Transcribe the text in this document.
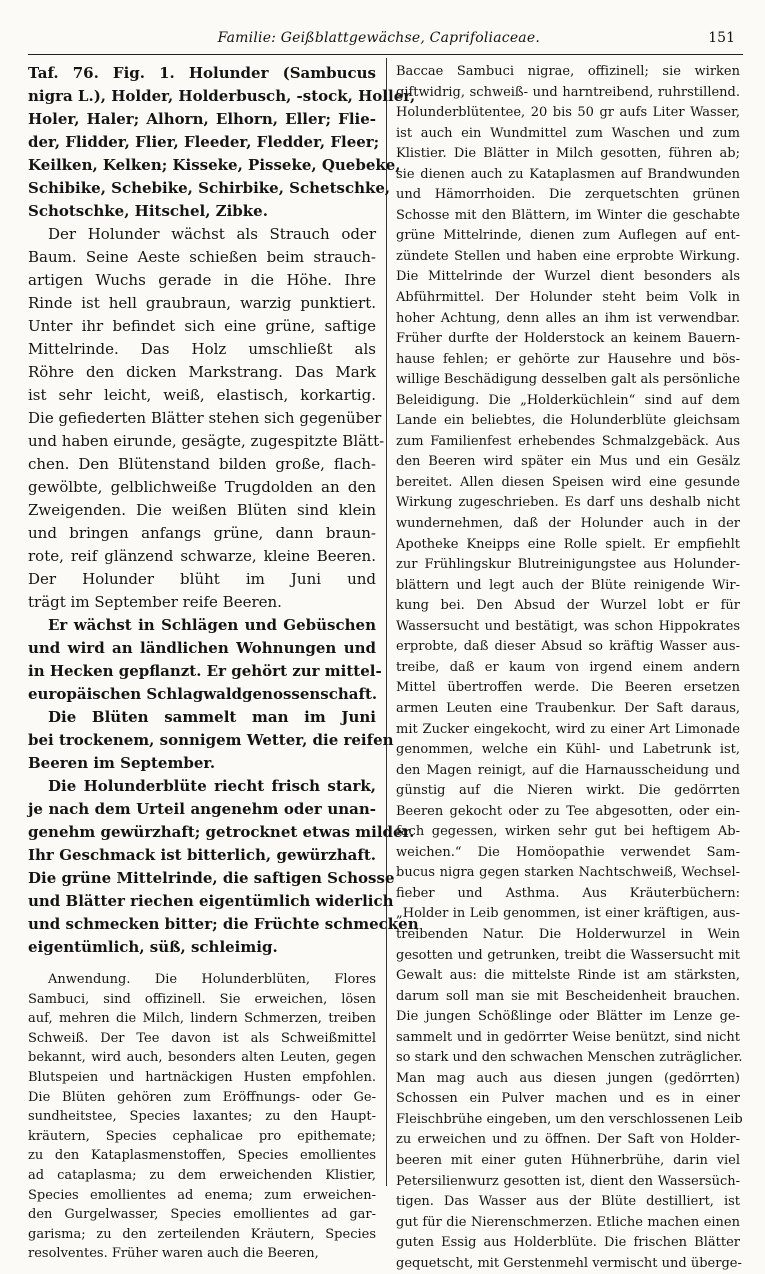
Familie: Geißblattgewächse, Caprifoliaceae.	151
Taf. 76. Fig. 1. Holunder (Sambucus
nigra L.), Holder, Holderbusch, -stock, Holler,
Holer, Haler; Alhorn, Elhorn, Eller; Flie-
der, Flidder, Flier, Fleeder, Fledder, Fleer;
Keilken, Kelken; Kisseke, Pisseke, Quebeke,
Schibike, Schebike, Schirbike, Schetschke,
Schotschke, Hitschel, Zibke.
Der Holunder wächst als Strauch oder
Baum. Seine Aeste schießen beim strauch-
artigen Wuchs gerade in die Höhe. Ihre
Rinde ist hell graubraun, warzig punktiert.
Unter ihr befindet sich eine grüne, saftige
Mittelrinde. Das Holz umschließt als
Röhre den dicken Markstrang. Das Mark
ist sehr leicht, weiß, elastisch, korkartig.
Die gefiederten Blätter stehen sich gegenüber
und haben eirunde, gesägte, zugespitzte Blätt-
chen. Den Blütenstand bilden große, flach-
gewölbte, gelblichweiße Trugdolden an den
Zweigenden. Die weißen Blüten sind klein
und bringen anfangs grüne, dann braun-
rote, reif glänzend schwarze, kleine Beeren.
Der Holunder blüht im Juni und
trägt im September reife Beeren.
Er wächst in Schlägen und Gebüschen
und wird an ländlichen Wohnungen und
in Hecken gepflanzt. Er gehört zur mittel-
europäischen Schlagwaldgenossenschaft.
Die Blüten sammelt man im Juni
bei trockenem, sonnigem Wetter, die reifen
Beeren im September.
Die Holunderblüte riecht frisch stark,
je nach dem Urteil angenehm oder unan-
genehm gewürzhaft; getrocknet etwas milder.
Ihr Geschmack ist bitterlich, gewürzhaft.
Die grüne Mittelrinde, die saftigen Schosse
und Blätter riechen eigentümlich widerlich
und schmecken bitter; die Früchte schmecken
eigentümlich, süß, schleimig.
Anwendung. Die Holunderblüten, Flores
Sambuci, sind offizinell. Sie erweichen, lösen
auf, mehren die Milch, lindern Schmerzen, treiben
Schweiß. Der Tee davon ist als Schweißmittel
bekannt, wird auch, besonders alten Leuten, gegen
Blutspeien und hartnäckigen Husten empfohlen.
Die Blüten gehören zum Eröffnungs- oder Ge-
sundheitstee, Species laxantes; zu den Haupt-
kräutern, Species cephalicae pro epithemate;
zu den Kataplasmenstoffen, Species emollientes
ad cataplasma; zu dem erweichenden Klistier,
Species emollientes ad enema; zum erweichen-
den Gurgelwasser, Species emollientes ad gar-
garisma; zu den zerteilenden Kräutern, Species
resolventes. Früher waren auch die Beeren,
Baccae Sambuci nigrae, offizinell; sie wirken
giftwidrig, schweiß- und harntreibend, ruhrstillend.
Holunderblütentee, 20 bis 50 gr aufs Liter Wasser,
ist auch ein Wundmittel zum Waschen und zum
Klistier. Die Blätter in Milch gesotten, führen ab;
sie dienen auch zu Kataplasmen auf Brandwunden
und Hämorrhoiden. Die zerquetschten grünen
Schosse mit den Blättern, im Winter die geschabte
grüne Mittelrinde, dienen zum Auflegen auf ent-
zündete Stellen und haben eine erprobte Wirkung.
Die Mittelrinde der Wurzel dient besonders als
Abführmittel. Der Holunder steht beim Volk in
hoher Achtung, denn alles an ihm ist verwendbar.
Früher durfte der Holderstock an keinem Bauern-
hause fehlen; er gehörte zur Hausehre und bös-
willige Beschädigung desselben galt als persönliche
Beleidigung. Die „Holderküchlein“ sind auf dem
Lande ein beliebtes, die Holunderblüte gleichsam
zum Familienfest erhebendes Schmalzgebäck. Aus
den Beeren wird später ein Mus und ein Gesälz
bereitet. Allen diesen Speisen wird eine gesunde
Wirkung zugeschrieben. Es darf uns deshalb nicht
wundernehmen, daß der Holunder auch in der
Apotheke Kneipps eine Rolle spielt. Er empfiehlt
zur Frühlingskur Blutreinigungstee aus Holunder-
blättern und legt auch der Blüte reinigende Wir-
kung bei. Den Absud der Wurzel lobt er für
Wassersucht und bestätigt, was schon Hippokrates
erprobte, daß dieser Absud so kräftig Wasser aus-
treibe, daß er kaum von irgend einem andern
Mittel übertroffen werde. Die Beeren ersetzen
armen Leuten eine Traubenkur. Der Saft daraus,
mit Zucker eingekocht, wird zu einer Art Limonade
genommen, welche ein Kühl- und Labetrunk ist,
den Magen reinigt, auf die Harnausscheidung und
günstig auf die Nieren wirkt. Die gedörrten
Beeren gekocht oder zu Tee abgesotten, oder ein-
fach gegessen, wirken sehr gut bei heftigem Ab-
weichen.“ Die Homöopathie verwendet Sam-
bucus nigra gegen starken Nachtschweiß, Wechsel-
fieber und Asthma. Aus Kräuterbüchern:
„Holder in Leib genommen, ist einer kräftigen, aus-
treibenden Natur. Die Holderwurzel in Wein
gesotten und getrunken, treibt die Wassersucht mit
Gewalt aus: die mittelste Rinde ist am stärksten,
darum soll man sie mit Bescheidenheit brauchen.
Die jungen Schößlinge oder Blätter im Lenze ge-
sammelt und in gedörrter Weise benützt, sind nicht
so stark und den schwachen Menschen zuträglicher.
Man mag auch aus diesen jungen (gedörrten)
Schossen ein Pulver machen und es in einer
Fleischbrühe eingeben, um den verschlossenen Leib
zu erweichen und zu öffnen. Der Saft von Holder-
beeren mit einer guten Hühnerbrühe, darin viel
Petersilienwurz gesotten ist, dient den Wassersüch-
tigen. Das Wasser aus der Blüte destilliert, ist
gut für die Nierenschmerzen. Etliche machen einen
guten Essig aus Holderblüte. Die frischen Blätter
gequetscht, mit Gerstenmehl vermischt und überge-
